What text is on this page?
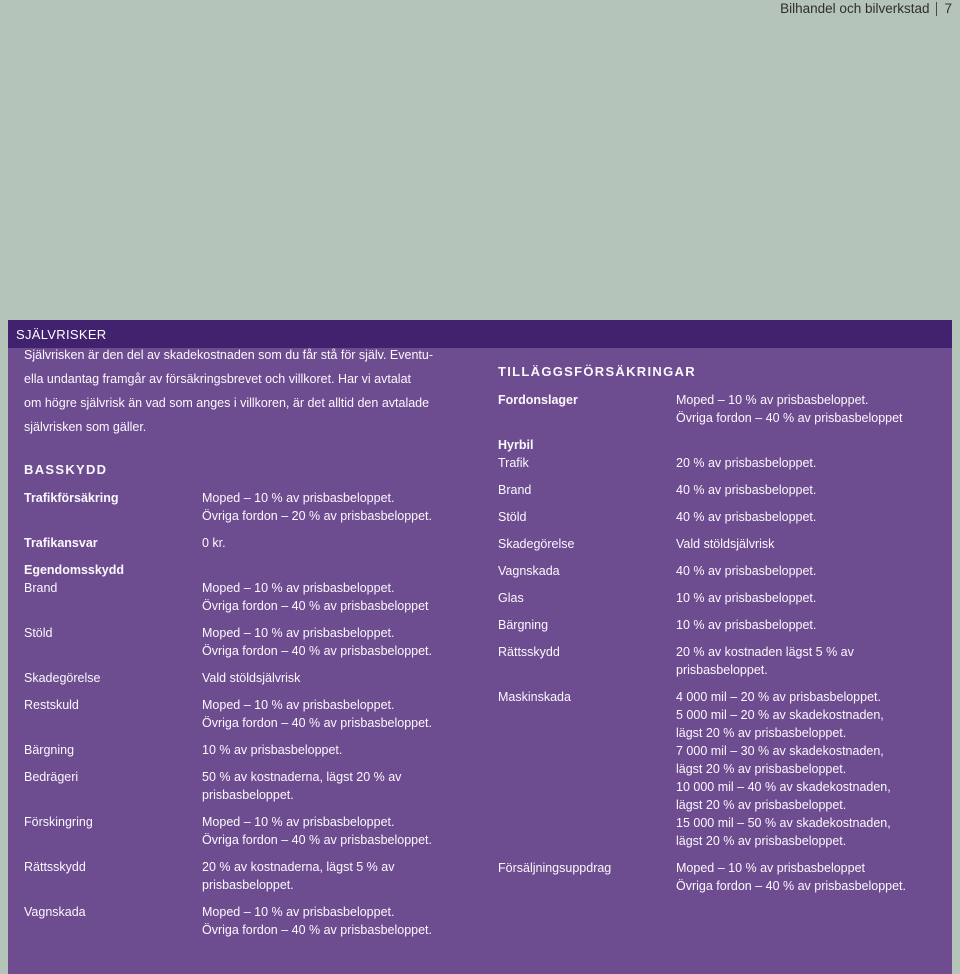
Bilhandel och bilverkstad 7
SJÄLVRISKER
Självrisken är den del av skadekostnaden som du får stå för själv. Eventu-
ella undantag framgår av försäkringsbrevet och villkoret. Har vi avtalat
om högre självrisk än vad som anges i villkoren, är det alltid den avtalade
självrisken som gäller.
BASSKYDD
Trafikförsäkring	Moped – 10 % av prisbasbeloppet.
Övriga fordon – 20 % av prisbasbeloppet.
Trafikansvar	0 kr.
Egendomsskydd
Brand	Moped – 10 % av prisbasbeloppet.
Övriga fordon – 40 % av prisbasbeloppet
Stöld	Moped – 10 % av prisbasbeloppet.
Övriga fordon – 40 % av prisbasbeloppet.
Skadegörelse	Vald stöldsjälvrisk
Restskuld	Moped – 10 % av prisbasbeloppet.
Övriga fordon – 40 % av prisbasbeloppet.
Bärgning	10 % av prisbasbeloppet.
Bedrägeri	50 % av kostnaderna, lägst 20 % av
prisbasbeloppet.
Förskingring	Moped – 10 % av prisbasbeloppet.
Övriga fordon – 40 % av prisbasbeloppet.
Rättsskydd	20 % av kostnaderna, lägst 5 % av
prisbasbeloppet.
Vagnskada	Moped – 10 % av prisbasbeloppet.
Övriga fordon – 40 % av prisbasbeloppet.
TILLÄGGSFÖRSÄKRINGAR
Fordonslager	Moped – 10 % av prisbasbeloppet.
Övriga fordon – 40 % av prisbasbeloppet
Hyrbil
Trafik	20 % av prisbasbeloppet.
Brand	40 % av prisbasbeloppet.
Stöld	40 % av prisbasbeloppet.
Skadegörelse	Vald stöldsjälvrisk
Vagnskada	40 % av prisbasbeloppet.
Glas	10 % av prisbasbeloppet.
Bärgning	10 % av prisbasbeloppet.
Rättsskydd	20 % av kostnaden lägst 5 % av
prisbasbeloppet.
Maskinskada	4 000 mil – 20 % av prisbasbeloppet.
5 000 mil – 20 % av skadekostnaden,
lägst 20 % av prisbasbeloppet.
7 000 mil – 30 % av skadekostnaden,
lägst 20 % av prisbasbeloppet.
10 000 mil – 40 % av skadekostnaden,
lägst 20 % av prisbasbeloppet.
15 000 mil – 50 % av skadekostnaden,
lägst 20 % av prisbasbeloppet.
Försäljningsuppdrag	Moped – 10 % av prisbasbeloppet
Övriga fordon – 40 % av prisbasbeloppet.
